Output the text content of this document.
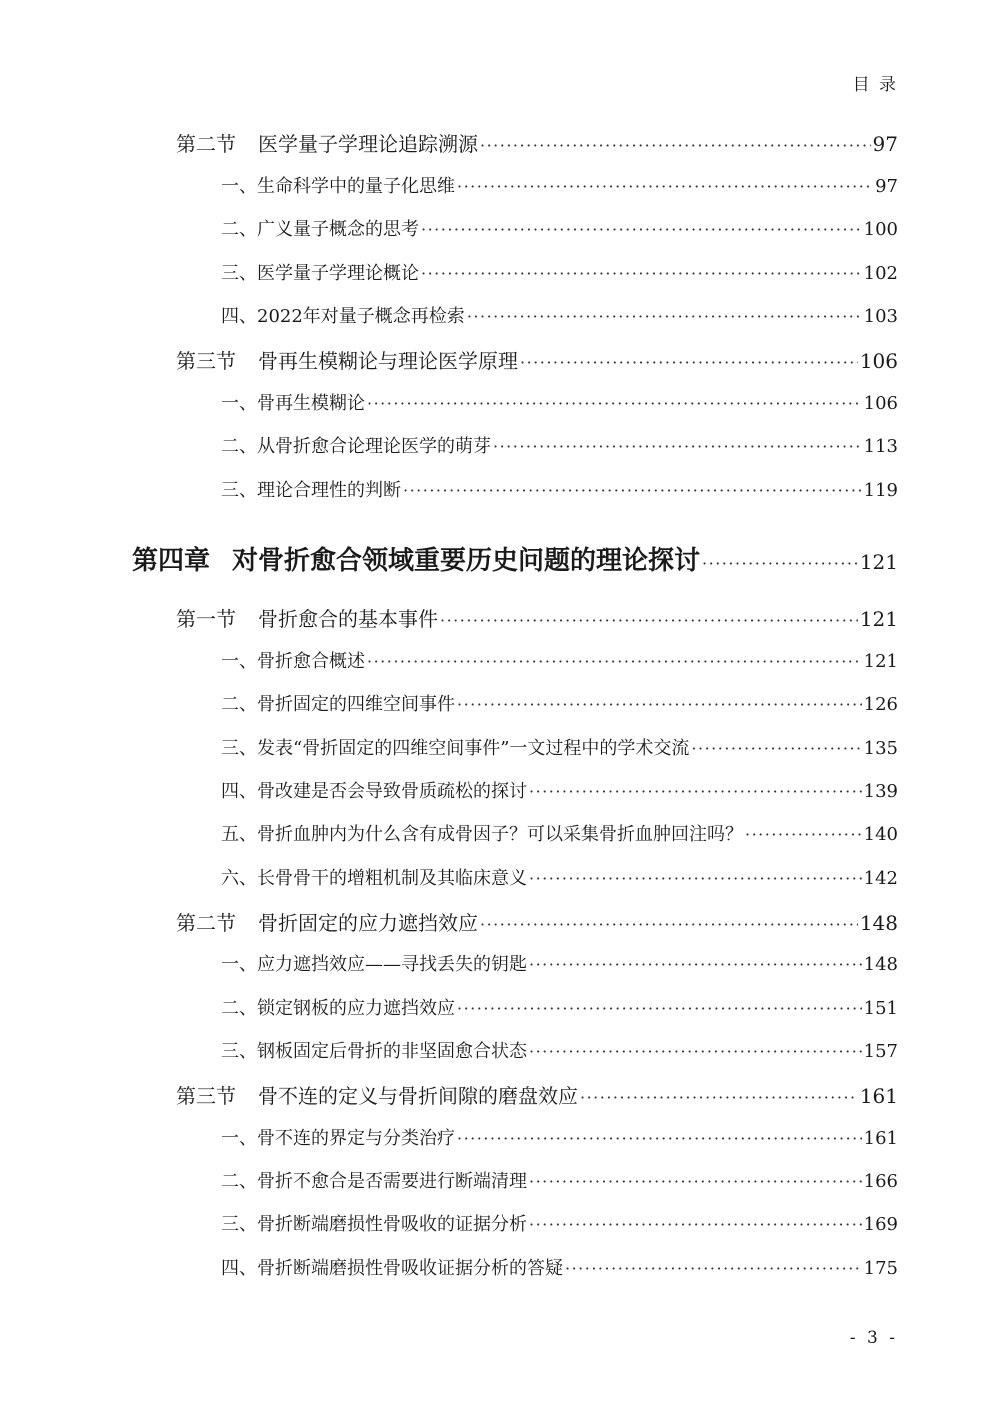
目 录
第二节 医学量子学理论追踪溯源 ·····	97
一、生命科学中的量子化思维 ·····	97
二、广义量子概念的思考 ·····	100
三、医学量子学理论概论 ·····	102
四、2022年对量子概念再检索 ·····	103
第三节 骨再生模糊论与理论医学原理 ·····	106
一、骨再生模糊论 ·····	106
二、从骨折愈合论理论医学的萌芽 ·····	113
三、理论合理性的判断 ·····	119
第四章 对骨折愈合领域重要历史问题的理论探讨 ·····	121
第一节 骨折愈合的基本事件 ·····	121
一、骨折愈合概述 ·····	121
二、骨折固定的四维空间事件 ·····	126
三、发表“骨折固定的四维空间事件”一文过程中的学术交流 ·····	135
四、骨改建是否会导致骨质疏松的探讨 ·····	139
五、骨折血肿内为什么含有成骨因子？可以采集骨折血肿回注吗？ ·····	140
六、长骨骨干的增粗机制及其临床意义 ·····	142
第二节 骨折固定的应力遮挡效应 ·····	148
一、应力遮挡效应——寻找丢失的钥匙 ·····	148
二、锁定钢板的应力遮挡效应 ·····	151
三、钢板固定后骨折的非坚固愈合状态 ·····	157
第三节 骨不连的定义与骨折间隙的磨盘效应 ·····	161
一、骨不连的界定与分类治疗 ·····	161
二、骨折不愈合是否需要进行断端清理 ·····	166
三、骨折断端磨损性骨吸收的证据分析 ·····	169
四、骨折断端磨损性骨吸收证据分析的答疑 ·····	175
- 3 -
